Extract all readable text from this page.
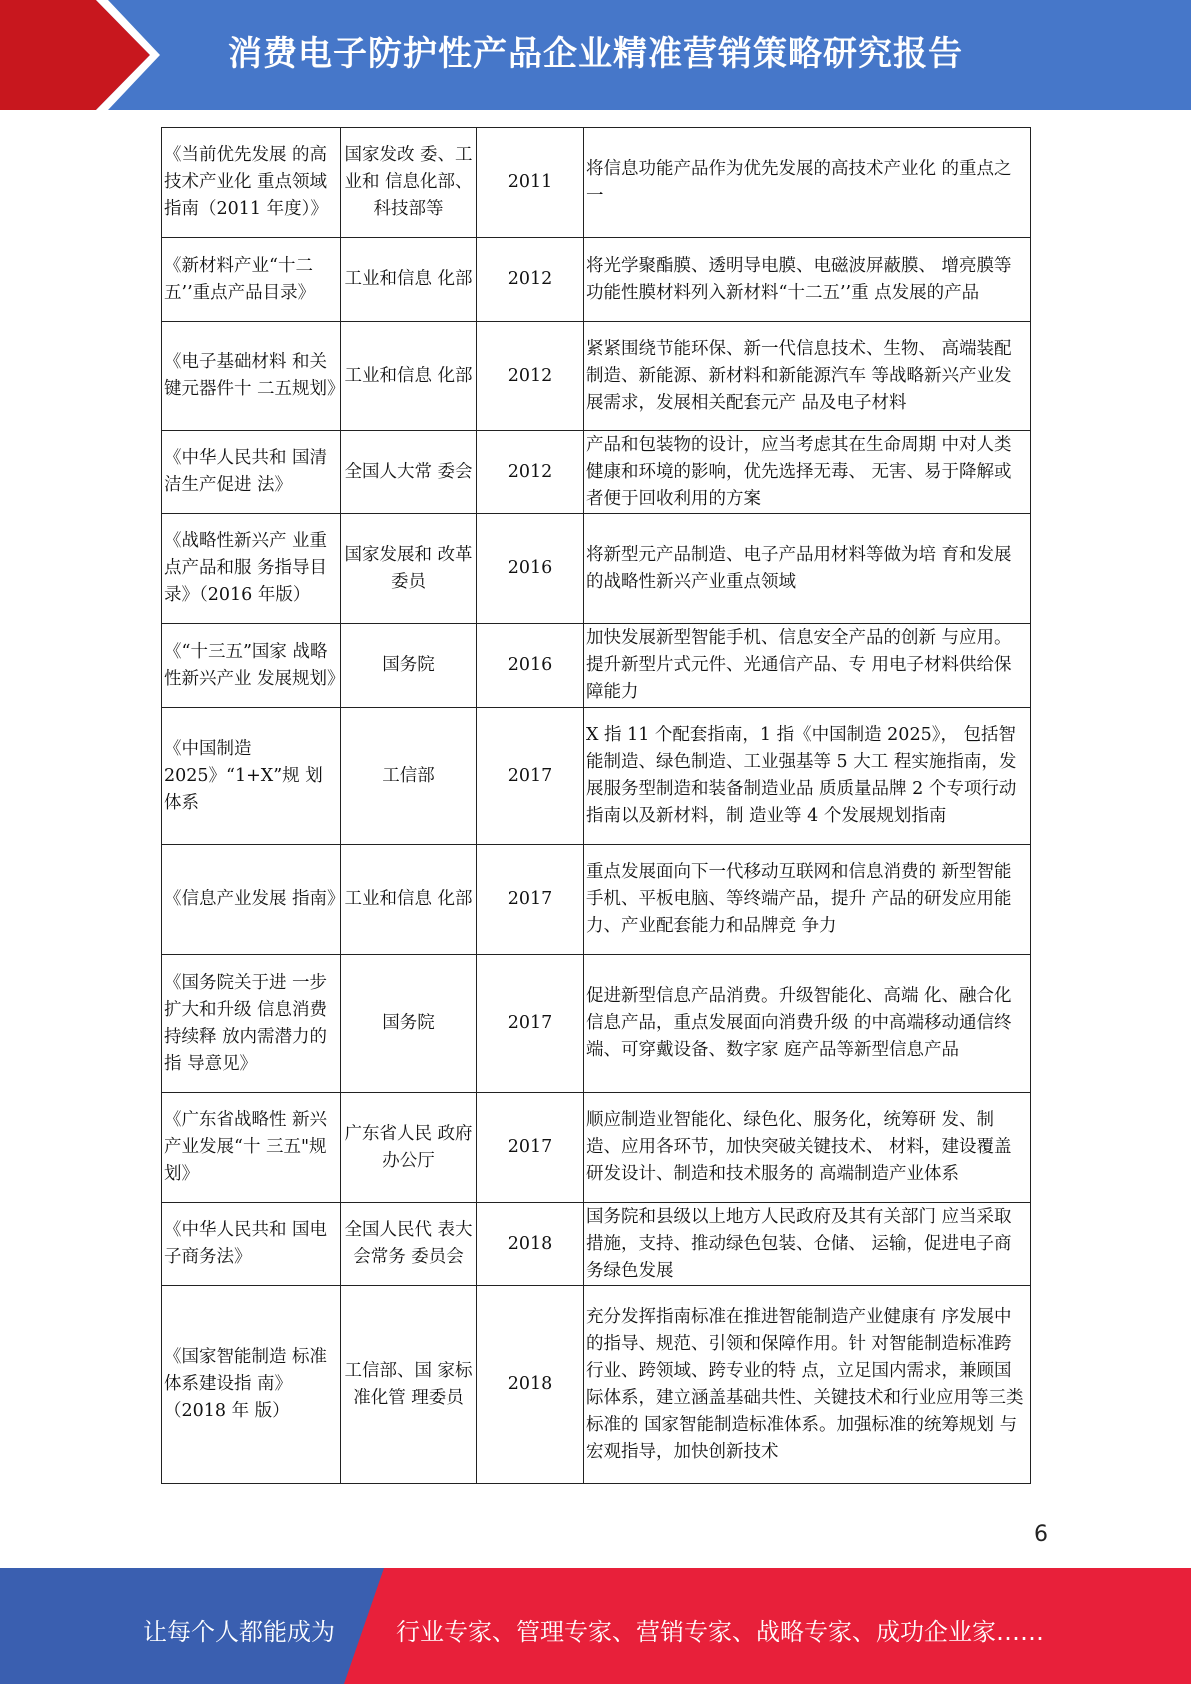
消费电子防护性产品企业精准营销策略研究报告
《当前优先发展 的高技术产业化 重点领域指南（2011 年度）》	国家发改 委、工业和 信息化部、科技部等	2011	将信息功能产品作为优先发展的高技术产业化 的重点之一
《新材料产业“十二五’’重点产品目录》	工业和信息 化部	2012	将光学聚酯膜、透明导电膜、电磁波屏蔽膜、 增亮膜等功能性膜材料列入新材料“十二五’’重 点发展的产品
《电子基础材料 和关键元器件十 二五规划》	工业和信息 化部	2012	紧紧围绕节能环保、新一代信息技术、生物、 高端装配制造、新能源、新材料和新能源汽车 等战略新兴产业发展需求，发展相关配套元产 品及电子材料
《中华人民共和 国清洁生产促进 法》	全国人大常 委会	2012	产品和包装物的设计，应当考虑其在生命周期 中对人类健康和环境的影响，优先选择无毒、 无害、易于降解或者便于回收利用的方案
《战略性新兴产 业重点产品和服 务指导目录》（2016 年版）	国家发展和 改革委员	2016	将新型元产品制造、电子产品用材料等做为培 育和发展的战略性新兴产业重点领域
《“十三五”国家 战略性新兴产业 发展规划》	国务院	2016	加快发展新型智能手机、信息安全产品的创新 与应用。提升新型片式元件、光通信产品、专 用电子材料供给保障能力
《中国制造2025》“1+X”规 划体系	工信部	2017	X 指 11 个配套指南，1 指《中国制造 2025》， 包括智能制造、绿色制造、工业强基等 5 大工 程实施指南，发展服务型制造和装备制造业品 质质量品牌 2 个专项行动指南以及新材料，制 造业等 4 个发展规划指南
《信息产业发展 指南》	工业和信息 化部	2017	重点发展面向下一代移动互联网和信息消费的 新型智能手机、平板电脑、等终端产品，提升 产品的研发应用能力、产业配套能力和品牌竞 争力
《国务院关于进 一步扩大和升级 信息消费持续释 放内需潜力的指 导意见》	国务院	2017	促进新型信息产品消费。升级智能化、高端 化、融合化信息产品，重点发展面向消费升级 的中高端移动通信终端、可穿戴设备、数字家 庭产品等新型信息产品
《广东省战略性 新兴产业发展“十 三五"规划》	广东省人民 政府办公厅	2017	顺应制造业智能化、绿色化、服务化，统筹研 发、制造、应用各环节，加快突破关键技术、 材料，建设覆盖研发设计、制造和技术服务的 高端制造产业体系
《中华人民共和 国电子商务法》	全国人民代 表大会常务 委员会	2018	国务院和县级以上地方人民政府及其有关部门 应当采取措施，支持、推动绿色包装、仓储、 运输，促进电子商务绿色发展
《国家智能制造 标准体系建设指 南》（2018 年 版）	工信部、国 家标准化管 理委员	2018	充分发挥指南标准在推进智能制造产业健康有 序发展中的指导、规范、引领和保障作用。针 对智能制造标准跨行业、跨领域、跨专业的特 点，立足国内需求，兼顾国际体系，建立涵盖基础共性、关键技术和行业应用等三类标准的 国家智能制造标准体系。加强标准的统筹规划 与宏观指导，加快创新技术
6
让每个人都能成为	行业专家、管理专家、营销专家、战略专家、成功企业家……
